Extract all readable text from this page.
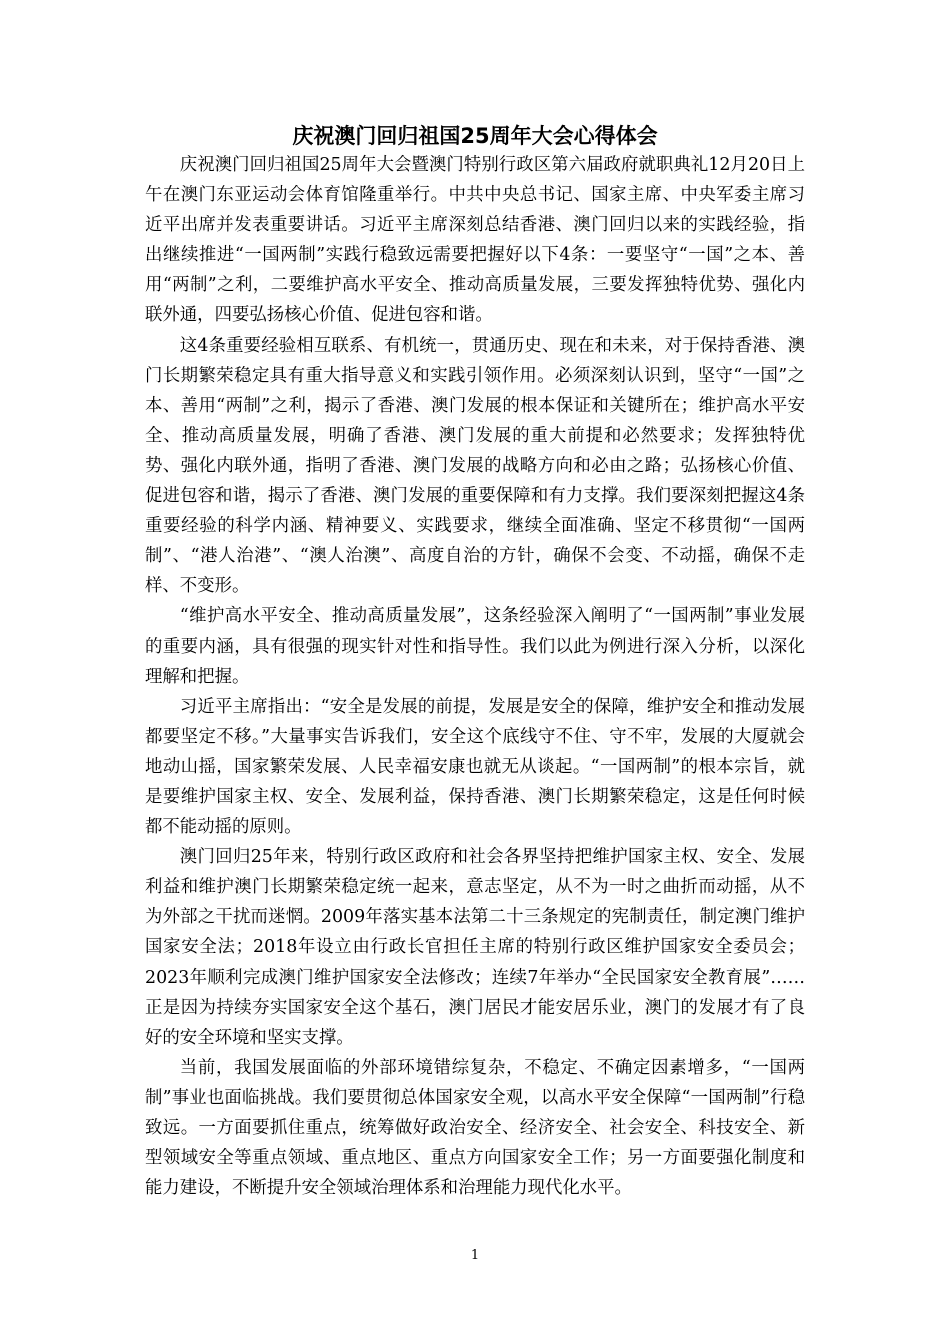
庆祝澳门回归祖国25周年大会心得体会

庆祝澳门回归祖国25周年大会暨澳门特别行政区第六届政府就职典礼12月20日上午在澳门东亚运动会体育馆隆重举行。中共中央总书记、国家主席、中央军委主席习近平出席并发表重要讲话。习近平主席深刻总结香港、澳门回归以来的实践经验，指出继续推进“一国两制”实践行稳致远需要把握好以下4条：一要坚守“一国”之本、善用“两制”之利，二要维护高水平安全、推动高质量发展，三要发挥独特优势、强化内联外通，四要弘扬核心价值、促进包容和谐。

这4条重要经验相互联系、有机统一，贯通历史、现在和未来，对于保持香港、澳门长期繁荣稳定具有重大指导意义和实践引领作用。必须深刻认识到，坚守“一国”之本、善用“两制”之利，揭示了香港、澳门发展的根本保证和关键所在；维护高水平安全、推动高质量发展，明确了香港、澳门发展的重大前提和必然要求；发挥独特优势、强化内联外通，指明了香港、澳门发展的战略方向和必由之路；弘扬核心价值、促进包容和谐，揭示了香港、澳门发展的重要保障和有力支撑。我们要深刻把握这4条重要经验的科学内涵、精神要义、实践要求，继续全面准确、坚定不移贯彻“一国两制”、“港人治港”、“澳人治澳”、高度自治的方针，确保不会变、不动摇，确保不走样、不变形。

“维护高水平安全、推动高质量发展”，这条经验深入阐明了“一国两制”事业发展的重要内涵，具有很强的现实针对性和指导性。我们以此为例进行深入分析，以深化理解和把握。

习近平主席指出：“安全是发展的前提，发展是安全的保障，维护安全和推动发展都要坚定不移。”大量事实告诉我们，安全这个底线守不住、守不牢，发展的大厦就会地动山摇，国家繁荣发展、人民幸福安康也就无从谈起。“一国两制”的根本宗旨，就是要维护国家主权、安全、发展利益，保持香港、澳门长期繁荣稳定，这是任何时候都不能动摇的原则。

澳门回归25年来，特别行政区政府和社会各界坚持把维护国家主权、安全、发展利益和维护澳门长期繁荣稳定统一起来，意志坚定，从不为一时之曲折而动摇，从不为外部之干扰而迷惘。2009年落实基本法第二十三条规定的宪制责任，制定澳门维护国家安全法；2018年设立由行政长官担任主席的特别行政区维护国家安全委员会；2023年顺利完成澳门维护国家安全法修改；连续7年举办“全民国家安全教育展”……正是因为持续夯实国家安全这个基石，澳门居民才能安居乐业，澳门的发展才有了良好的安全环境和坚实支撑。

当前，我国发展面临的外部环境错综复杂，不稳定、不确定因素增多，“一国两制”事业也面临挑战。我们要贯彻总体国家安全观，以高水平安全保障“一国两制”行稳致远。一方面要抓住重点，统筹做好政治安全、经济安全、社会安全、科技安全、新型领域安全等重点领域、重点地区、重点方向国家安全工作；另一方面要强化制度和能力建设，不断提升安全领域治理体系和治理能力现代化水平。

1
